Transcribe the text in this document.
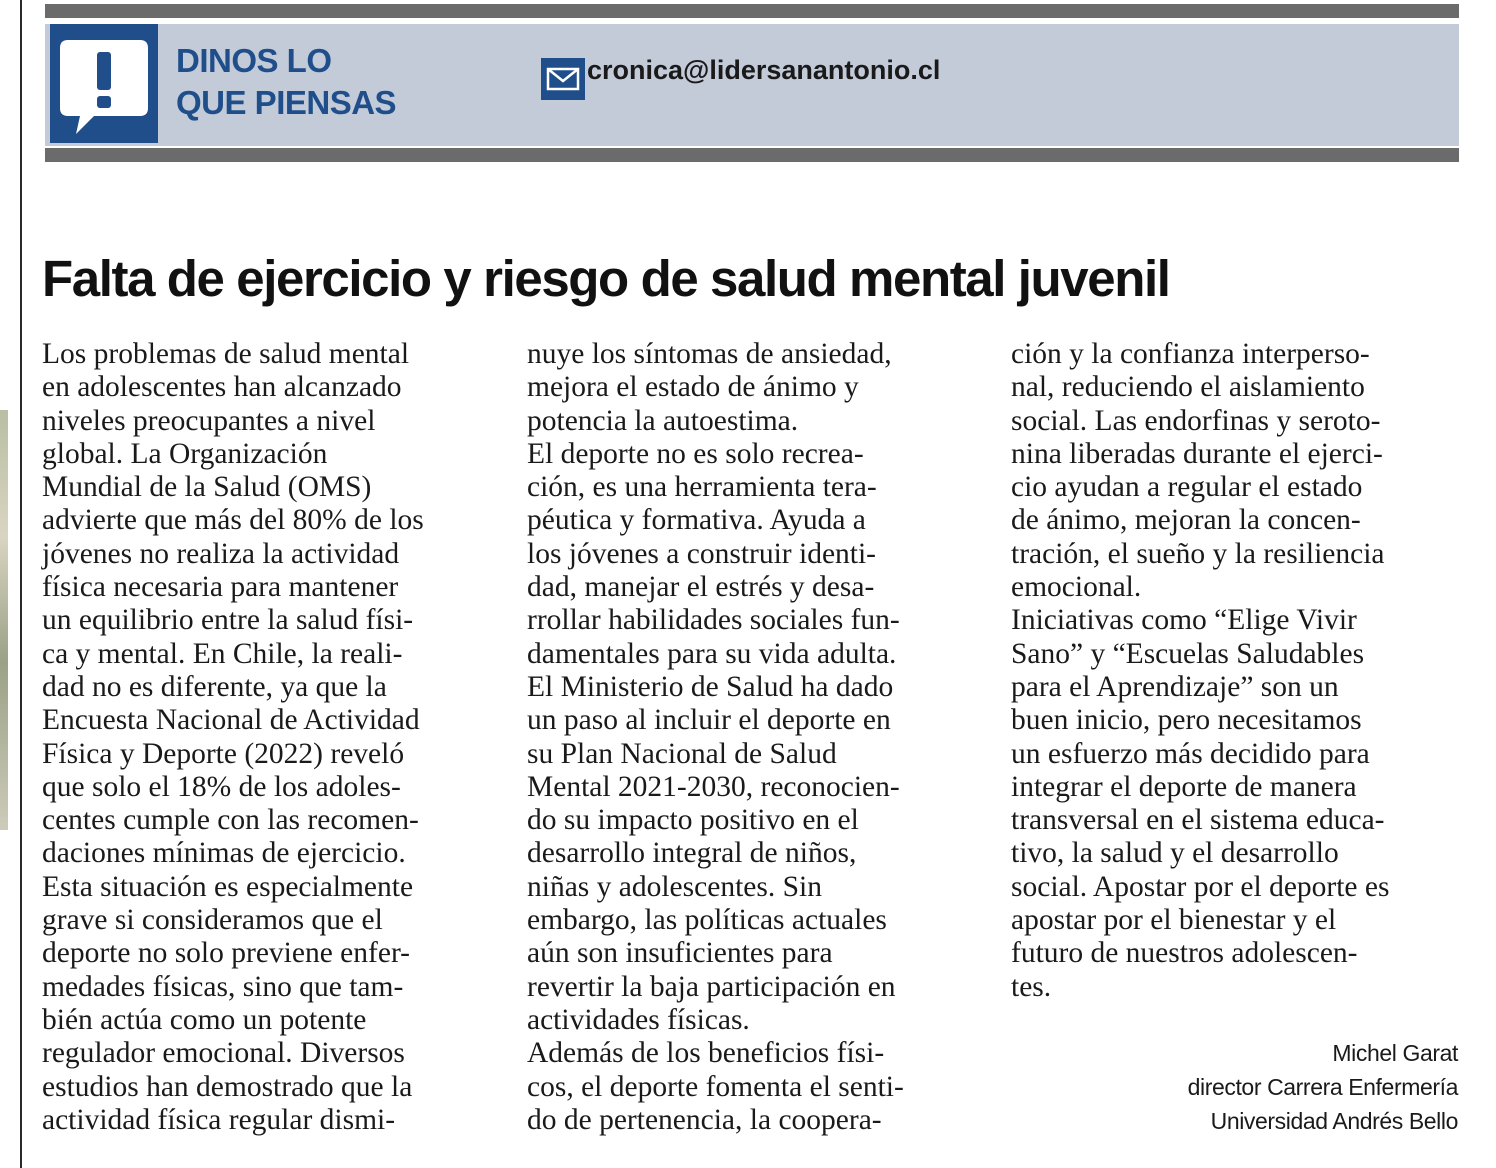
DINOS LO
QUE PIENSAS
cronica@lidersanantonio.cl
Falta de ejercicio y riesgo de salud mental juvenil
Los problemas de salud mental
en adolescentes han alcanzado
niveles preocupantes a nivel
global. La Organización
Mundial de la Salud (OMS)
advierte que más del 80% de los
jóvenes no realiza la actividad
física necesaria para mantener
un equilibrio entre la salud físi-
ca y mental. En Chile, la reali-
dad no es diferente, ya que la
Encuesta Nacional de Actividad
Física y Deporte (2022) reveló
que solo el 18% de los adoles-
centes cumple con las recomen-
daciones mínimas de ejercicio.
Esta situación es especialmente
grave si consideramos que el
deporte no solo previene enfer-
medades físicas, sino que tam-
bién actúa como un potente
regulador emocional. Diversos
estudios han demostrado que la
actividad física regular dismi-
nuye los síntomas de ansiedad,
mejora el estado de ánimo y
potencia la autoestima.
El deporte no es solo recrea-
ción, es una herramienta tera-
péutica y formativa. Ayuda a
los jóvenes a construir identi-
dad, manejar el estrés y desa-
rrollar habilidades sociales fun-
damentales para su vida adulta.
El Ministerio de Salud ha dado
un paso al incluir el deporte en
su Plan Nacional de Salud
Mental 2021-2030, reconocien-
do su impacto positivo en el
desarrollo integral de niños,
niñas y adolescentes. Sin
embargo, las políticas actuales
aún son insuficientes para
revertir la baja participación en
actividades físicas.
Además de los beneficios físi-
cos, el deporte fomenta el senti-
do de pertenencia, la coopera-
ción y la confianza interperso-
nal, reduciendo el aislamiento
social. Las endorfinas y seroto-
nina liberadas durante el ejerci-
cio ayudan a regular el estado
de ánimo, mejoran la concen-
tración, el sueño y la resiliencia
emocional.
Iniciativas como “Elige Vivir
Sano” y “Escuelas Saludables
para el Aprendizaje” son un
buen inicio, pero necesitamos
un esfuerzo más decidido para
integrar el deporte de manera
transversal en el sistema educa-
tivo, la salud y el desarrollo
social. Apostar por el deporte es
apostar por el bienestar y el
futuro de nuestros adolescen-
tes.
Michel Garat
director Carrera Enfermería
Universidad Andrés Bello
